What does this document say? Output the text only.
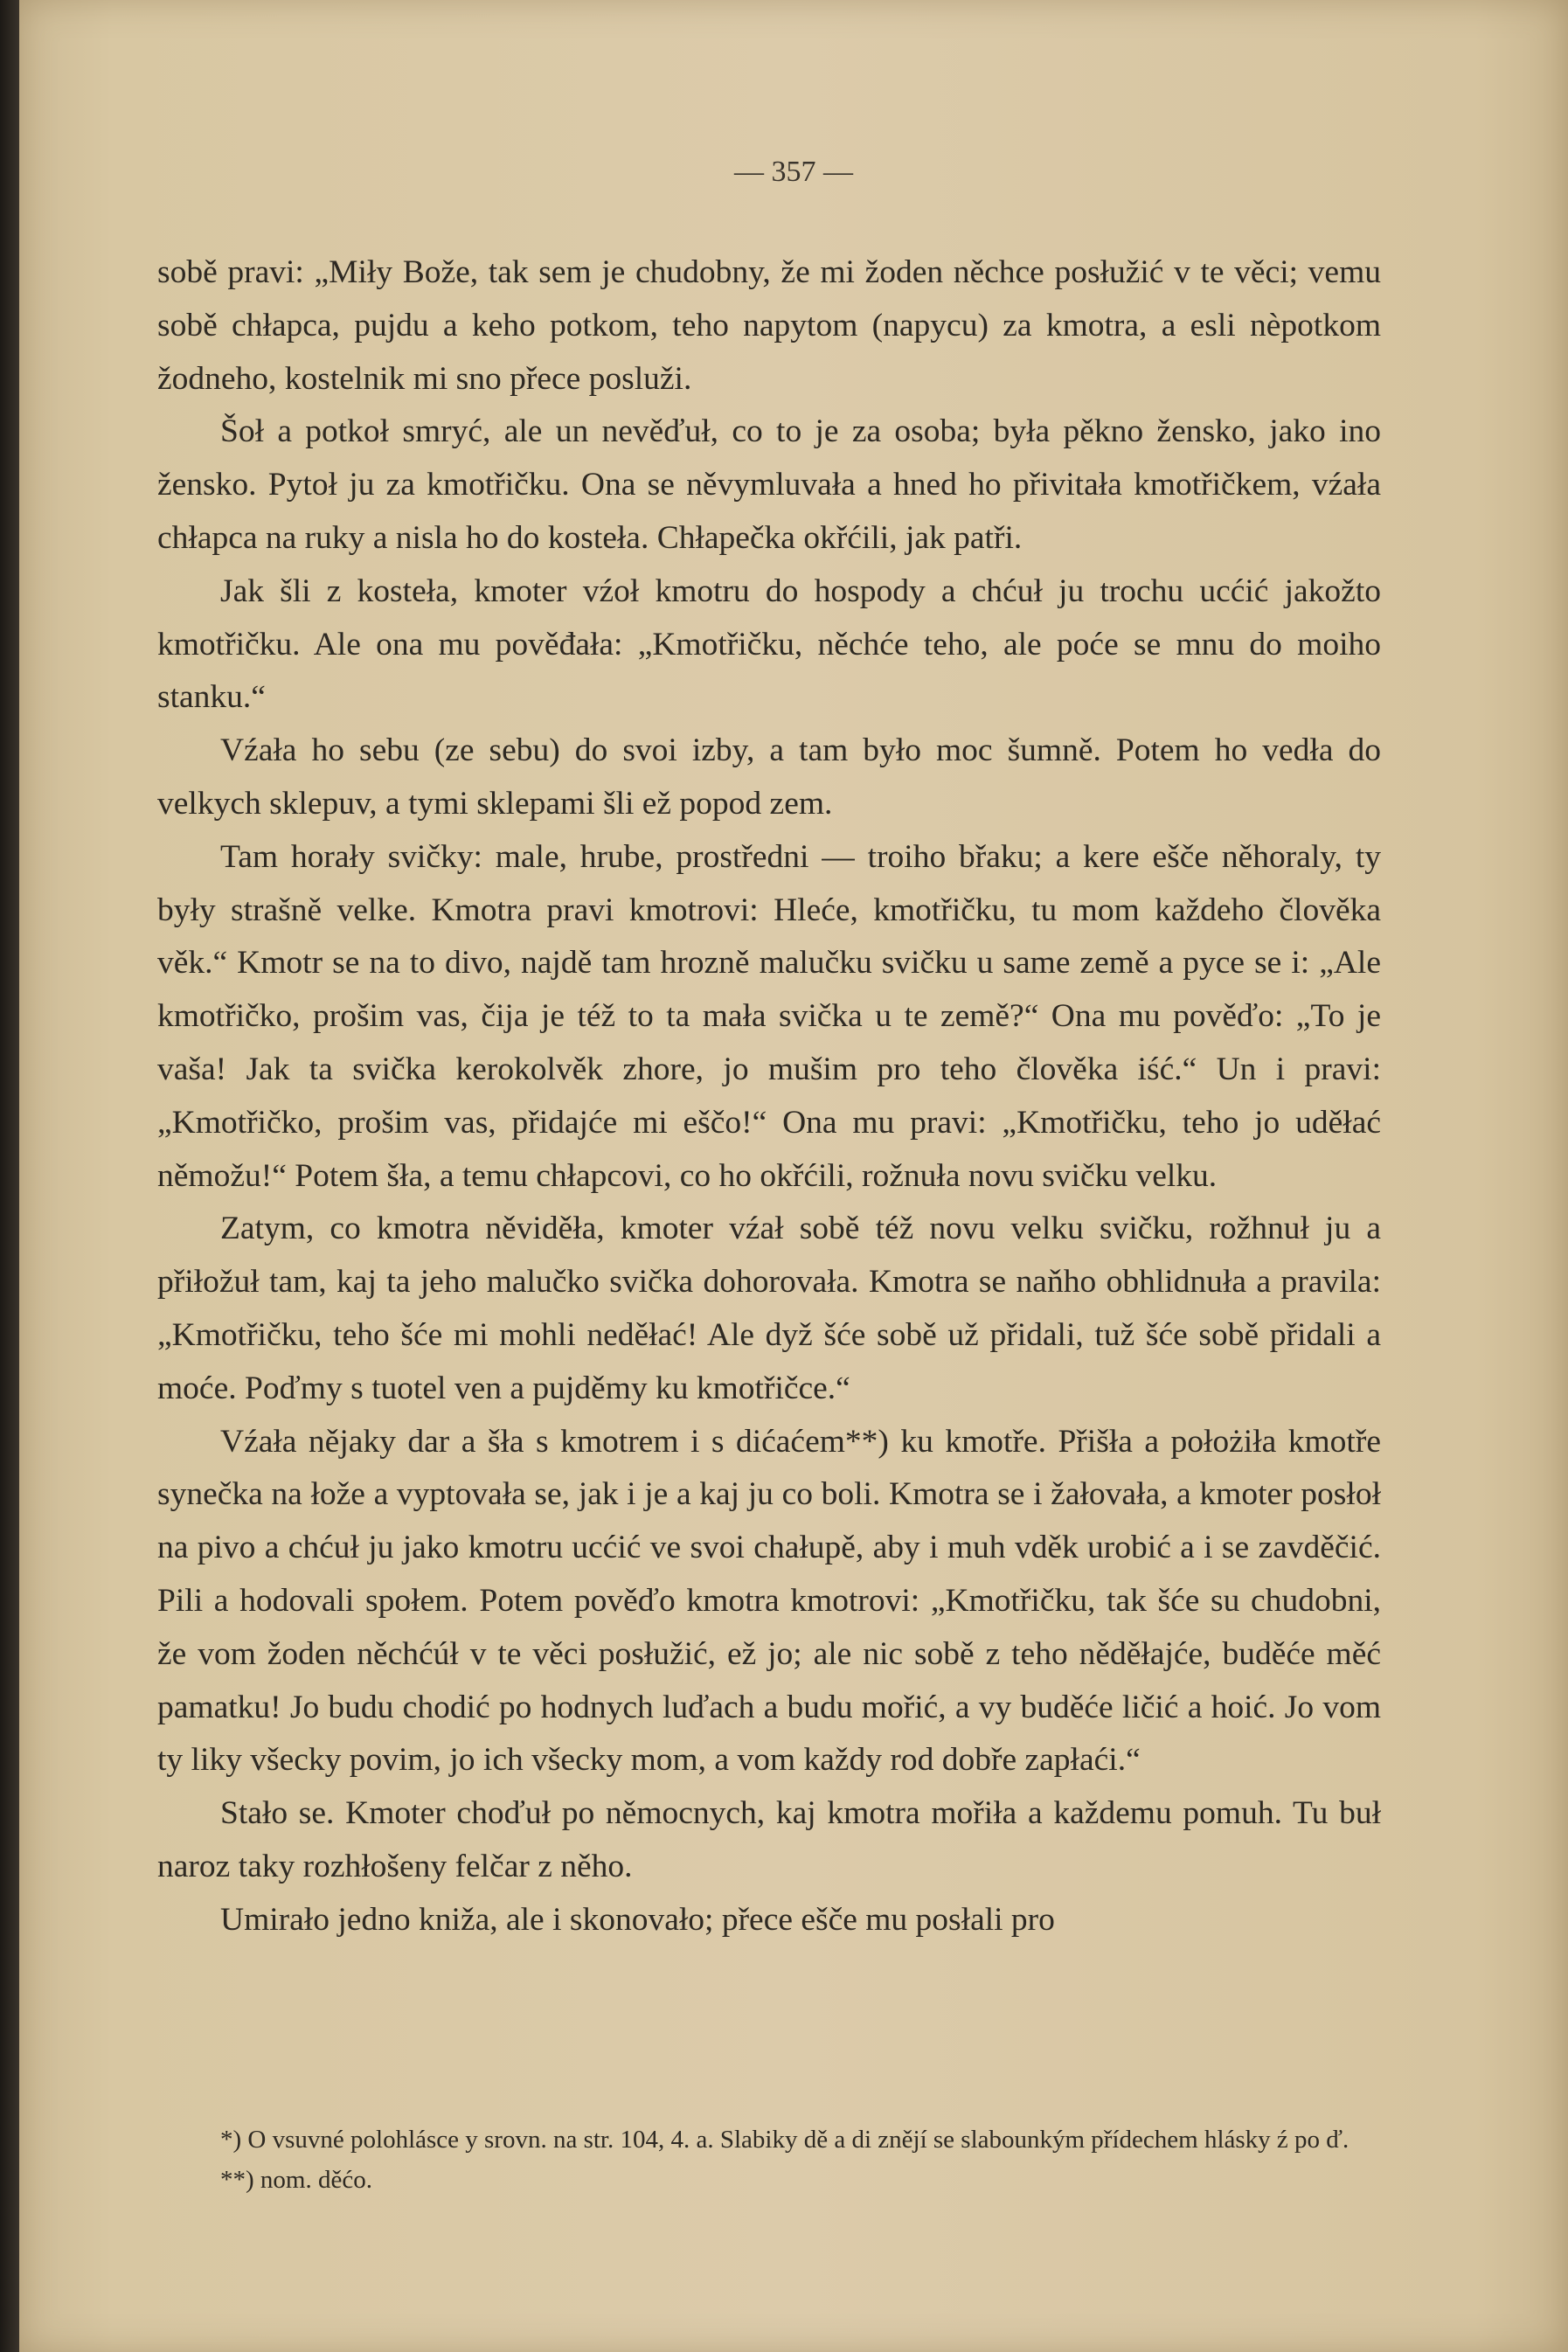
— 357 —

sobě pravi: „Miły Bože, tak sem je chudobny, že mi žoden něchce posłužić v te věci; vemu sobě chłapca, pujdu a keho potkom, teho napytom (napycu) za kmotra, a esli nèpotkom žodneho, kostelnik mi sno přece posluži.

Šoł a potkoł smryć, ale un nevěďuł, co to je za osoba; była pěkno žensko, jako ino žensko. Pytoł ju za kmotřičku. Ona se něvymluvała a hned ho přivitała kmotřičkem, vźała chłapca na ruky a nisla ho do kosteła. Chłapečka okřćili, jak patři.

Jak šli z kosteła, kmoter vźoł kmotru do hospody a chćuł ju trochu ucćić jakožto kmotřičku. Ale ona mu pověđała: „Kmotřičku, něchće teho, ale poće se mnu do moiho stanku.“

Vźała ho sebu (ze sebu) do svoi izby, a tam było moc šumně. Potem ho vedła do velkych sklepuv, a tymi sklepami šli ež popod zem.

Tam horały svičky: male, hrube, prostředni — troiho břaku; a kere ešče něhoraly, ty były strašně velke. Kmotra pravi kmotrovi: Hleće, kmotřičku, tu mom každeho člověka věk.“ Kmotr se na to divo, najdě tam hrozně malučku svičku u same země a pyce se i: „Ale kmotřičko, prošim vas, čija je též to ta mała svička u te země?“ Ona mu pověďo: „To je vaša! Jak ta svička kerokolvěk zhore, jo mušim pro teho člověka iść.“ Un i pravi: „Kmotřičko, prošim vas, přidajće mi eščo!“ Ona mu pravi: „Kmotřičku, teho jo uděłać němožu!“ Potem šła, a temu chłapcovi, co ho okřćili, rožnuła novu svičku velku.

Zatym, co kmotra něviděła, kmoter vźał sobě též novu velku svičku, rožhnuł ju a přiłožuł tam, kaj ta jeho malučko svička dohorovała. Kmotra se naňho obhlidnuła a pravila: „Kmotřičku, teho šće mi mohli neděłać! Ale dyž šće sobě už přidali, tuž šće sobě přidali a moće. Poďmy s tuotel ven a pujděmy ku kmotřičce.“

Vźała nějaky dar a šła s kmotrem i s dićaćem**) ku kmotře. Přišła a położiła kmotře synečka na łože a vyptovała se, jak i je a kaj ju co boli. Kmotra se i žałovała, a kmoter posłoł na pivo a chćuł ju jako kmotru ucćić ve svoi chałupě, aby i muh vděk urobić a i se zavděčić. Pili a hodovali społem. Potem pověďo kmotra kmotrovi: „Kmotřičku, tak šće su chudobni, že vom žoden něchćúł v te věci posłužić, ež jo; ale nic sobě z teho něděłajće, buděće měć pamatku! Jo budu chodić po hodnych luďach a budu mořić, a vy buděće ličić a hoić. Jo vom ty liky všecky povim, jo ich všecky mom, a vom každy rod dobře zapłaći.“

Stało se. Kmoter choďuł po němocnych, kaj kmotra mořiła a každemu pomuh. Tu buł naroz taky rozhłošeny felčar z něho.

Umirało jedno kniža, ale i skonovało; přece ešče mu posłali pro

*) O vsuvné polohlásce y srovn. na str. 104, 4. a. Slabiky dě a di znějí se slabounkým přídechem hlásky ź po ď.

**) nom. děćo.
